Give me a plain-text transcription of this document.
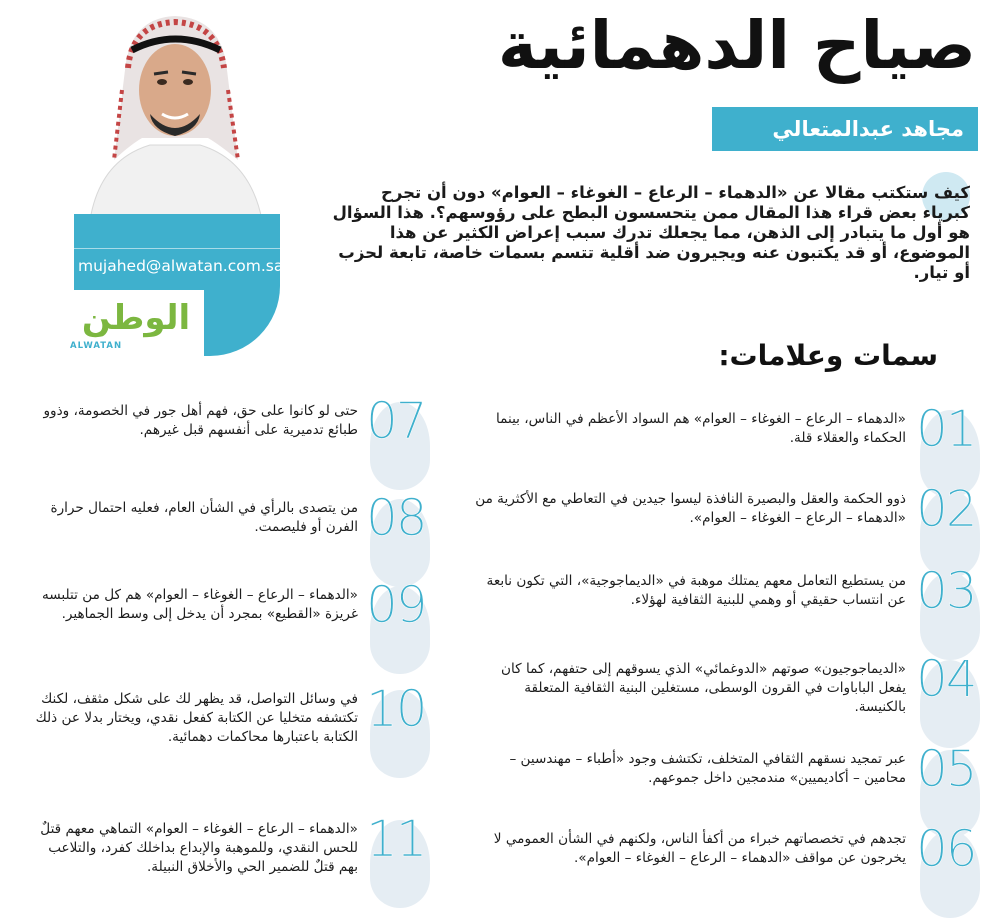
صياح الدهمائية
مجاهد عبدالمتعالي
mujahed@alwatan.com.sa
الوطن
ALWATAN
كيف ستكتب مقالا عن «الدهماء – الرعاع – الغوغاء – العوام» دون أن تجرح كبرياء بعض قراء هذا المقال ممن يتحسسون البطح على رؤوسهم؟. هذا السؤال هو أول ما يتبادر إلى الذهن، مما يجعلك تدرك سبب إعراض الكثير عن هذا الموضوع، أو قد يكتبون عنه ويجيرون ضد أقلية تتسم بسمات خاصة، تابعة لحزب أو تيار.
سمات وعلامات:
01
«الدهماء – الرعاع – الغوغاء – العوام» هم السواد الأعظم في الناس، بينما الحكماء والعقلاء قلة.
02
ذوو الحكمة والعقل والبصيرة النافذة ليسوا جيدين في التعاطي مع الأكثرية من «الدهماء – الرعاع – الغوغاء – العوام».
03
من يستطيع التعامل معهم يمتلك موهبة في «الديماجوجية»، التي تكون نابعة عن انتساب حقيقي أو وهمي للبنية الثقافية لهؤلاء.
04
«الديماجوجيون» صوتهم «الدوغمائي» الذي يسوقهم إلى حتفهم، كما كان يفعل الباباوات في القرون الوسطى، مستغلين البنية الثقافية المتعلقة بالكنيسة.
05
عبر تمجيد نسقهم الثقافي المتخلف، تكتشف وجود «أطباء – مهندسين – محامين – أكاديميين» مندمجين داخل جموعهم.
06
تجدهم في تخصصاتهم خبراء من أكفأ الناس، ولكنهم في الشأن العمومي لا يخرجون عن مواقف «الدهماء – الرعاع – الغوغاء – العوام».
07
حتى لو كانوا على حق، فهم أهل جور في الخصومة، وذوو طبائع تدميرية على أنفسهم قبل غيرهم.
08
من يتصدى بالرأي في الشأن العام، فعليه احتمال حرارة الفرن أو فليصمت.
09
«الدهماء – الرعاع – الغوغاء – العوام» هم كل من تتلبسه غريزة «القطيع» بمجرد أن يدخل إلى وسط الجماهير.
10
في وسائل التواصل، قد يظهر لك على شكل مثقف، لكنك تكتشفه متخليا عن الكتابة كفعل نقدي، ويختار بدلا عن ذلك الكتابة باعتبارها محاكمات دهمائية.
11
«الدهماء – الرعاع – الغوغاء – العوام» التماهي معهم قتلٌ للحس النقدي، وللموهبة والإبداع بداخلك كفرد، والتلاعب بهم قتلٌ للضمير الحي والأخلاق النبيلة.
